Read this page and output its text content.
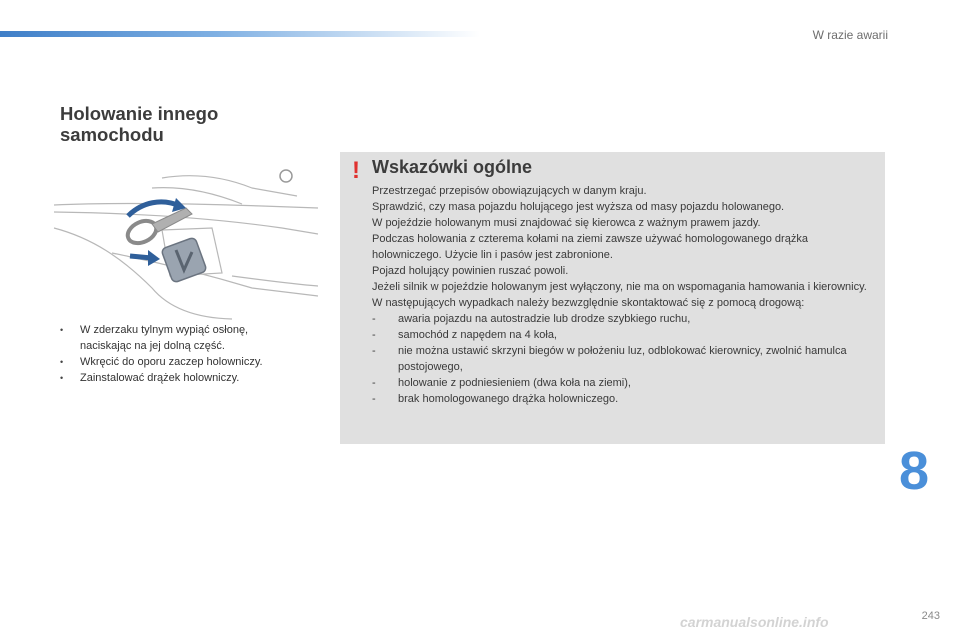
W razie awarii
Holowanie innego
samochodu
O
• W zderzaku tylnym wypiąć osłonę,
naciskając na jej dolną część.
• Wkręcić do oporu zaczep holowniczy.
• Zainstalować drążek holowniczy.
! Wskazówki ogólne

Przestrzegać przepisów obowiązujących w danym kraju.

Sprawdzić, czy masa pojazdu holującego jest wyższa od masy pojazdu holowanego.

W pojeździe holowanym musi znajdować się kierowca z ważnym prawem jazdy.

Podczas holowania z czterema kołami na ziemi zawsze używać homologowanego drążka holowniczego. Użycie lin i pasów jest zabronione.

Pojazd holujący powinien ruszać powoli.

Jeżeli silnik w pojeździe holowanym jest wyłączony, nie ma on wspomagania hamowania i kierownicy.

W następujących wypadkach należy bezwzględnie skontaktować się z pomocą drogową:

- awaria pojazdu na autostradzie lub drodze szybkiego ruchu,
- samochód z napędem na 4 koła,
- nie można ustawić skrzyni biegów w położeniu luz, odblokować kierownicy, zwolnić hamulca postojowego,
- holowanie z podniesieniem (dwa koła na ziemi),
- brak homologowanego drążka holowniczego.
8
243
carmanualsonline.info
